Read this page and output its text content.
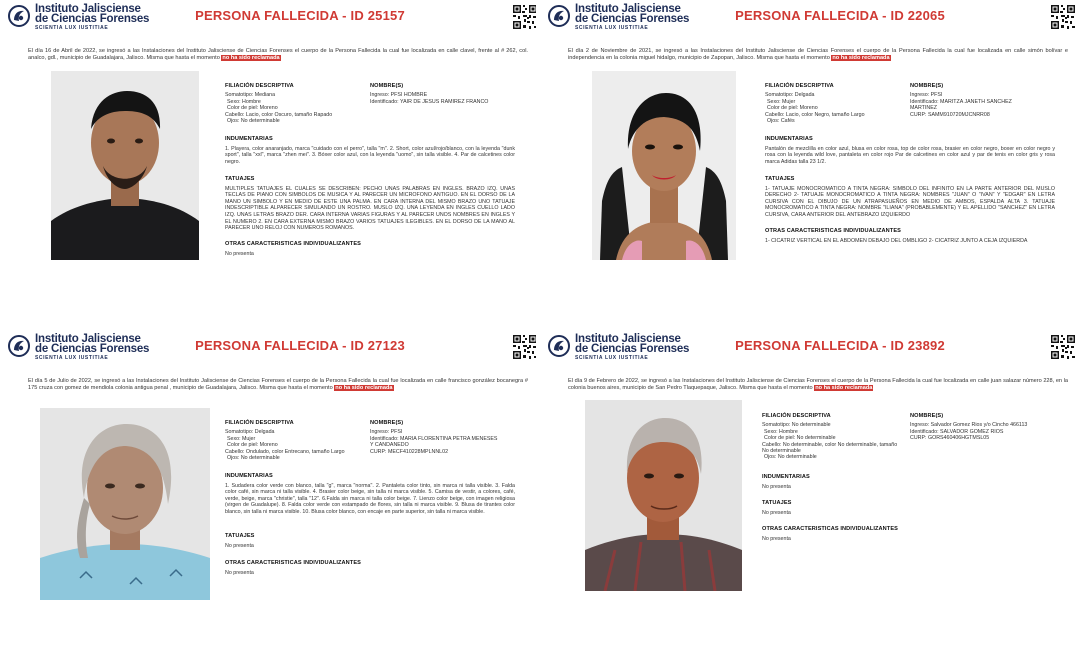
Instituto Jalisciense
de Ciencias Forenses
SCIENTIA LUX IUSTITIAE
PERSONA FALLECIDA - ID 25157
El día 16 de Abril de 2022, se ingresó a las Instalaciones del Instituto Jalisciense de Ciencias Forenses el cuerpo de la Persona Fallecida la cual fue localizada en calle clavel, frente al # 262, col. analco, gdl., municipio de Guadalajara, Jalisco. Misma que hasta el momento no ha sido reclamada
FILIACIÓN DESCRIPTIVA
Somatotipo: Mediana
Sexo: Hombre
Color de piel: Moreno
Cabello: Lacio, color Oscuro, tamaño Rapado
Ojos: No determinable
NOMBRE(S)
Ingreso: PFSI HOMBRE
Identificado: YAIR DE JESUS RAMIREZ FRANCO
INDUMENTARIAS
1. Playera, color anaranjado, marca "cuidado con el perro", talla "m". 2. Short, color azul/rojo/blanco, con la leyenda "dunk sport", talla "xxl", marca "zhen mei". 3. Bóxer color azul, con la leyenda "uomo", sin talla visible. 4. Par de calcetines color negro.
TATUAJES
MULTIPLES TATUAJES EL CUALES SE DESCRIBEN: PECHO UNAS PALABRAS EN INGLES. BRAZO IZQ. UNAS TECLAS DE PIANO CON SIMBOLOS DE MUSICA Y AL PARECER UN MICROFONO ANTIGUO. EN EL DORSO DE LA MANO UN SIMBOLO Y EN MEDIO DE ESTE UNA PALMA. EN CARA INTERNA DEL MISMO BRAZO UNO TATUAJE INDESCRIPTIBLE ALPARECER SIMULANDO UN ROSTRO. MUSLO IZQ. UNA LEYENDA EN INGLES CUELLO LADO IZQ. UNAS LETRAS BRAZO DER. CARA INTERNA VARIAS FIGURAS Y AL PARECER UNOS NOMBRES EN INGLES Y EL NUMERO 2. EN CARA EXTERNA MISMO BRAZO VARIOS TATUAJES ILEGIBLES. EN EL DORSO DE LA MANO AL PARECER UNO RELOJ CON NUMEROS ROMANOS.
OTRAS CARACTERISTICAS INDIVIDUALIZANTES
No presenta
Instituto Jalisciense
de Ciencias Forenses
SCIENTIA LUX IUSTITIAE
PERSONA FALLECIDA - ID 22065
El día 2 de Noviembre de 2021, se ingresó a las Instalaciones del Instituto Jalisciense de Ciencias Forenses el cuerpo de la Persona Fallecida la cual fue localizada en calle simón bolívar e independencia en la colonia miguel hidalgo, municipio de Zapopan, Jalisco. Misma que hasta el momento no ha sido reclamada
FILIACIÓN DESCRIPTIVA
Somatotipo: Delgada
Sexo: Mujer
Color de piel: Moreno
Cabello: Lacio, color Negro, tamaño Largo
Ojos: Cafés
NOMBRE(S)
Ingreso: PFSI
Identificado: MARITZA JANETH SANCHEZ MARTINEZ
CURP: SAMM910720MJCNRR08
INDUMENTARIAS
Pantalón de mezclilla en color azul, blusa en color rosa, top de color rosa, brasier en color negro, boxer en color negro y rosa con la leyenda wild love, pantaleta en color rojo Par de calcetines en color azul y par de tenis en color gris y rosa marca Adidas talla 23 1/2.
TATUAJES
1- TATUAJE MONOCROMATICO A TINTA NEGRA: SIMBOLO DEL INFINITO EN LA PARTE ANTERIOR DEL MUSLO DERECHO 2- TATUAJE MONOCROMATICO A TINTA NEGRA: NOMBRES "JUAN" O "IVAN" Y "EDGAR" EN LETRA CURSIVA CON EL DIBUJO DE UN ATRAPASUEÑOS EN MEDIO DE AMBOS, ESPALDA ALTA 3. TATUAJE MONOCROMATICO A TINTA NEGRA: NOMBRE "ILIANA" (PROBABLEMENTE) Y EL APELLIDO "SANCHEZ" EN LETRA CURSIVA, CARA ANTERIOR DEL ANTEBRAZO IZQUIERDO
OTRAS CARACTERISTICAS INDIVIDUALIZANTES
1- CICATRIZ VERTICAL EN EL ABDOMEN DEBAJO DEL OMBLIGO 2- CICATRIZ JUNTO A CEJA IZQUIERDA
Instituto Jalisciense
de Ciencias Forenses
SCIENTIA LUX IUSTITIAE
PERSONA FALLECIDA - ID 27123
El día 5 de Julio de 2022, se ingresó a las Instalaciones del Instituto Jalisciense de Ciencias Forenses el cuerpo de la Persona Fallecida la cual fue localizada en calle francisco gonzález bocanegra # 175 cruza con gomez de mendiola colonia antigua penal , municipio de Guadalajara, Jalisco. Misma que hasta el momento no ha sido reclamada
FILIACIÓN DESCRIPTIVA
Somatotipo: Delgada
Sexo: Mujer
Color de piel: Moreno
Cabello: Ondulado, color Entrecano, tamaño Largo
Ojos: No determinable
NOMBRE(S)
Ingreso: PFSI
Identificado: MARIA FLORENTINA PETRA MENESES Y CANDANEDO
CURP: MECF410228MPLNNL02
INDUMENTARIAS
1. Sudadera color verde con blanco, talla "g", marca "norma". 2. Pantaleta color tinto, sin marca ni talla visible. 3. Falda color café, sin marca ni talla visible. 4. Brasier color beige, sin talla ni marca visible. 5. Camisa de vestir, a colores, café, verde, beige, marca "christie", talla "12". 6.Falda sin marca ni talla color beige. 7. Lienzo color beige, con imagen religiosa (virgen de Guadalupe). 8. Falda color verde con estampado de flores, sin talla ni marca visible. 9. Blusa de tirantes color blanco, sin talla ni marca visible. 10. Blusa color blanco, con encaje en parte superior, sin talla ni marca visible.
TATUAJES
No presenta
OTRAS CARACTERISTICAS INDIVIDUALIZANTES
No presenta
Instituto Jalisciense
de Ciencias Forenses
SCIENTIA LUX IUSTITIAE
PERSONA FALLECIDA - ID 23892
El día 9 de Febrero de 2022, se ingresó a las Instalaciones del Instituto Jalisciense de Ciencias Forenses el cuerpo de la Persona Fallecida la cual fue localizada en calle juan salazar número 228, en la colonia buenos aires, municipio de San Pedro Tlaquepaque, Jalisco. Misma que hasta el momento no ha sido reclamada
FILIACIÓN DESCRIPTIVA
Somatotipo: No determinable
Sexo: Hombre
Color de piel: No determinable
Cabello: No determinable, color No determinable, tamaño No determinable
Ojos: No determinable
NOMBRE(S)
Ingreso: Salvador Gomez Rios y/o Cincho 466113
Identificado: SALVADOR GOMEZ RIOS
CURP: GORS460406HGTMSL05
INDUMENTARIAS
No presenta
TATUAJES
No presenta
OTRAS CARACTERISTICAS INDIVIDUALIZANTES
No presenta
